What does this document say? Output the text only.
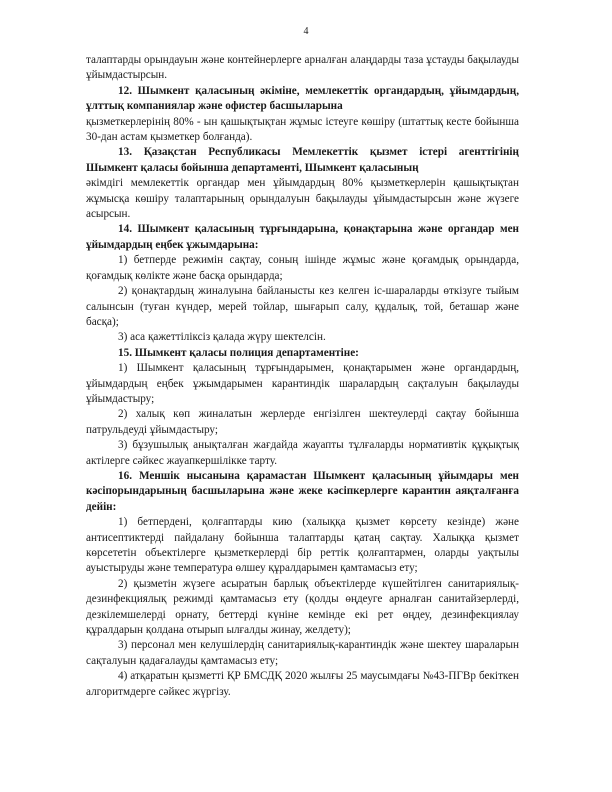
4

талаптарды орындауын және контейнерлерге арналған алаңдарды таза ұстауды бақылауды ұйымдастырсын.

12. Шымкент қаласының әкіміне, мемлекеттік органдардың, ұйымдардың, ұлттық компаниялар және офистер басшыларына

қызметкерлерінің 80% - ын қашықтықтан жұмыс істеуге көшіру (штаттық кесте бойынша 30-дан астам қызметкер болғанда).

13. Қазақстан Республикасы Мемлекеттік қызмет істері агенттігінің Шымкент қаласы бойынша департаменті, Шымкент қаласының

әкімдігі мемлекеттік органдар мен ұйымдардың 80% қызметкерлерін қашықтықтан жұмысқа көшіру талаптарының орындалуын бақылауды ұйымдастырсын және жүзеге асырсын.

14. Шымкент қаласының тұрғындарына, қонақтарына және органдар мен ұйымдардың еңбек ұжымдарына:

1) бетперде режимін сақтау, соның ішінде жұмыс және қоғамдық орындарда, қоғамдық көлікте және басқа орындарда;

2) қонақтардың жиналуына байланысты кез келген іс-шараларды өткізуге тыйым салынсын (туған күндер, мерей тойлар, шығарып салу, құдалық, той, беташар және басқа);

3) аса қажеттіліксіз қалада жүру шектелсін.

15. Шымкент қаласы полиция департаментіне:

1) Шымкент қаласының тұрғындарымен, қонақтарымен және органдардың, ұйымдардың еңбек ұжымдарымен карантиндік шаралардың сақталуын бақылауды ұйымдастыру;

2) халық көп жиналатын жерлерде енгізілген шектеулерді сақтау бойынша патрульдеуді ұйымдастыру;

3) бұзушылық анықталған жағдайда жауапты тұлғаларды нормативтік құқықтық актілерге сәйкес жауапкершілікке тарту.

16. Меншік нысанына қарамастан Шымкент қаласының ұйымдары мен кәсіпорындарының басшыларына және жеке кәсіпкерлерге карантин аяқталғанға дейін:

1) бетпердені, қолғаптарды кию (халыққа қызмет көрсету кезінде) және антисептиктерді пайдалану бойынша талаптарды қатаң сақтау. Халыққа қызмет көрсететін объектілерге қызметкерлерді бір реттік қолғаптармен, оларды уақтылы ауыстыруды және температура өлшеу құралдарымен қамтамасыз ету;

2) қызметін жүзеге асыратын барлық объектілерде күшейтілген санитариялық-дезинфекциялық режимді қамтамасыз ету (қолды өңдеуге арналған санитайзерлерді, дезкілемшелерді орнату, беттерді күніне кемінде екі рет өңдеу, дезинфекциялау құралдарын қолдана отырып ылғалды жинау, желдету);

3) персонал мен келушілердің санитариялық-карантиндік және шектеу шараларын сақталуын қадағалауды қамтамасыз ету;

4) атқаратын қызметті ҚР БМСДҚ 2020 жылғы 25 маусымдағы №43-ПГВр бекіткен алгоритмдерге сәйкес жүргізу.
